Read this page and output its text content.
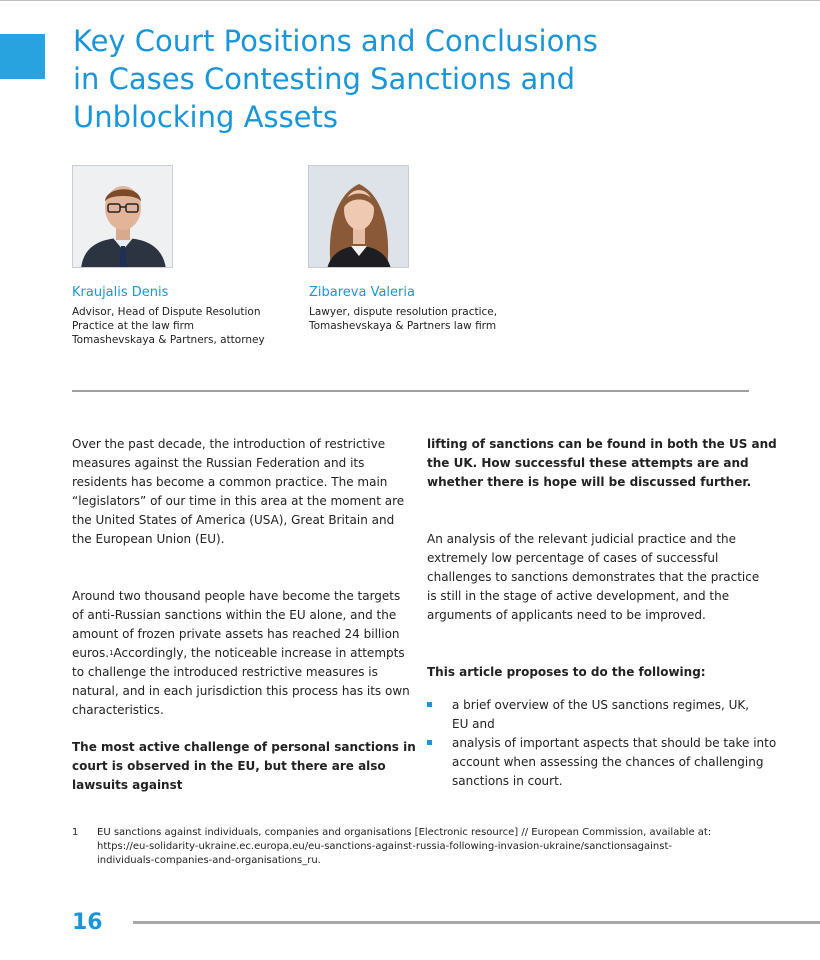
Key Court Positions and Conclusions
in Cases Contesting Sanctions and
Unblocking Assets
Kraujalis Denis
Advisor, Head of Dispute Resolution
Practice at the law firm
Tomashevskaya & Partners, attorney
Zibareva Valeria
Lawyer, dispute resolution practice,
Tomashevskaya & Partners law firm

Over the past decade, the introduction of restrictive
measures against the Russian Federation and its
residents has become a common practice. The main
“legislators” of our time in this area at the moment are
the United States of America (USA), Great Britain and
the European Union (EU).

Around two thousand people have become the targets
of anti-Russian sanctions within the EU alone, and the
amount of frozen private assets has reached 24 billion
euros.1Accordingly, the noticeable increase in attempts
to challenge the introduced restrictive measures is
natural, and in each jurisdiction this process has its own
characteristics.

The most active challenge of personal sanctions in
court is observed in the EU, but there are also
lawsuits against

lifting of sanctions can be found in both the US and
the UK. How successful these attempts are and
whether there is hope will be discussed further.

An analysis of the relevant judicial practice and the
extremely low percentage of cases of successful
challenges to sanctions demonstrates that the practice
is still in the stage of active development, and the
arguments of applicants need to be improved.

This article proposes to do the following:

a brief overview of the US sanctions regimes, UK,
EU and
analysis of important aspects that should be take into
account when assessing the chances of challenging
sanctions in court.
1 EU sanctions against individuals, companies and organisations [Electronic resource] // European Commission, available at:
https://eu-solidarity-ukraine.ec.europa.eu/eu-sanctions-against-russia-following-invasion-ukraine/sanctionsagainst-
individuals-companies-and-organisations_ru.
16
